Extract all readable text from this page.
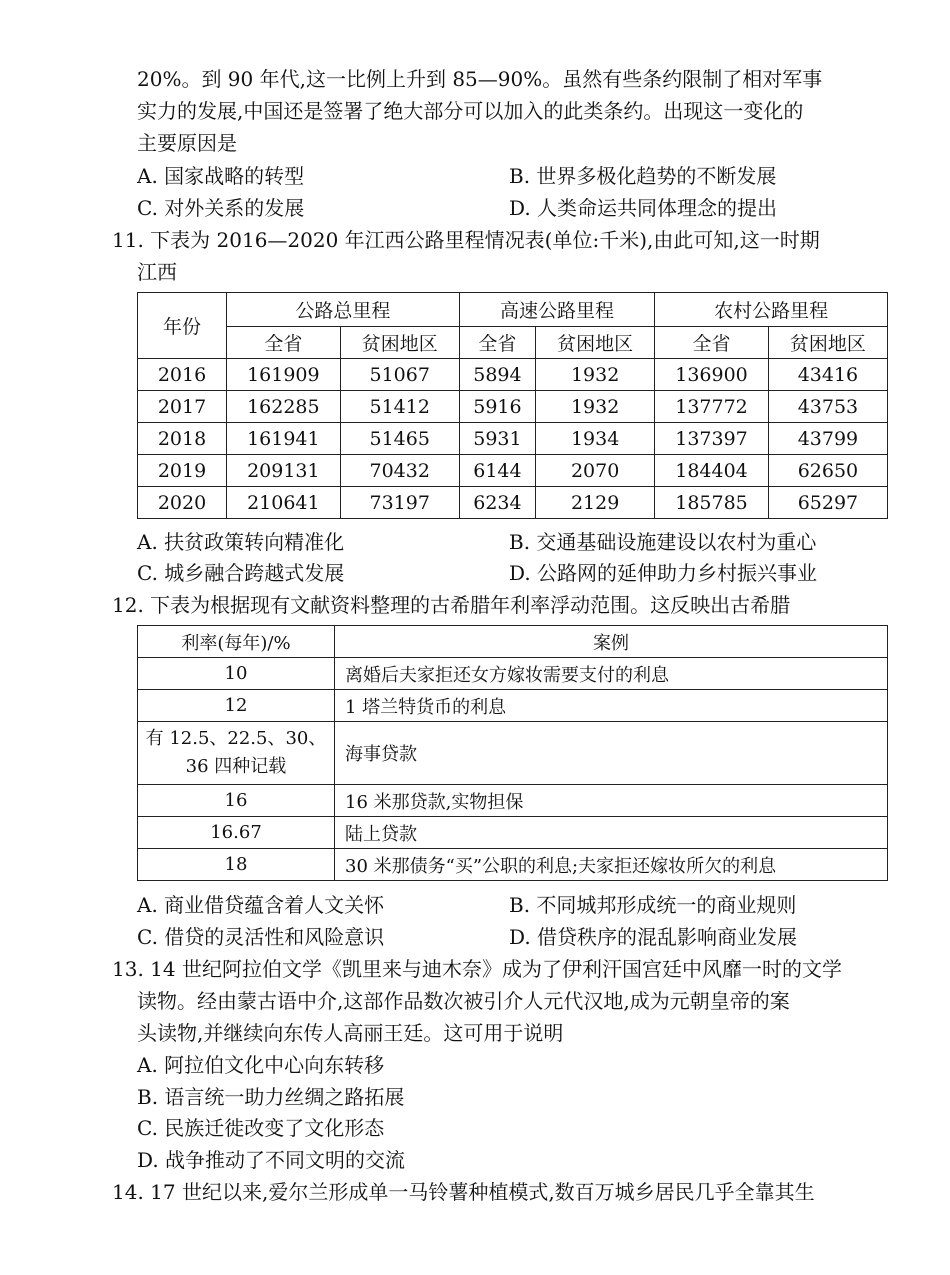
20%。到 90 年代,这一比例上升到 85—90%。虽然有些条约限制了相对军事
实力的发展,中国还是签署了绝大部分可以加入的此类条约。出现这一变化的
主要原因是
A. 国家战略的转型	B. 世界多极化趋势的不断发展
C. 对外关系的发展	D. 人类命运共同体理念的提出
11. 下表为 2016—2020 年江西公路里程情况表(单位:千米),由此可知,这一时期
江西
年份	公路总里程		高速公路里程		农村公路里程	
	全省	贫困地区	全省	贫困地区	全省	贫困地区
2016	161909	51067	5894	1932	136900	43416
2017	162285	51412	5916	1932	137772	43753
2018	161941	51465	5931	1934	137397	43799
2019	209131	70432	6144	2070	184404	62650
2020	210641	73197	6234	2129	185785	65297
A. 扶贫政策转向精准化	B. 交通基础设施建设以农村为重心
C. 城乡融合跨越式发展	D. 公路网的延伸助力乡村振兴事业
12. 下表为根据现有文献资料整理的古希腊年利率浮动范围。这反映出古希腊
利率(每年)/%	案例
10	离婚后夫家拒还女方嫁妆需要支付的利息
12	1 塔兰特货币的利息
有 12.5、22.5、30、
36 四种记载	海事贷款
16	16 米那贷款,实物担保
16.67	陆上贷款
18	30 米那债务“买”公职的利息;夫家拒还嫁妆所欠的利息
A. 商业借贷蕴含着人文关怀	B. 不同城邦形成统一的商业规则
C. 借贷的灵活性和风险意识	D. 借贷秩序的混乱影响商业发展
13. 14 世纪阿拉伯文学《凯里来与迪木奈》成为了伊利汗国宫廷中风靡一时的文学
读物。经由蒙古语中介,这部作品数次被引介人元代汉地,成为元朝皇帝的案
头读物,并继续向东传人高丽王廷。这可用于说明
A. 阿拉伯文化中心向东转移
B. 语言统一助力丝绸之路拓展
C. 民族迁徙改变了文化形态
D. 战争推动了不同文明的交流
14. 17 世纪以来,爱尔兰形成单一马铃薯种植模式,数百万城乡居民几乎全靠其生
